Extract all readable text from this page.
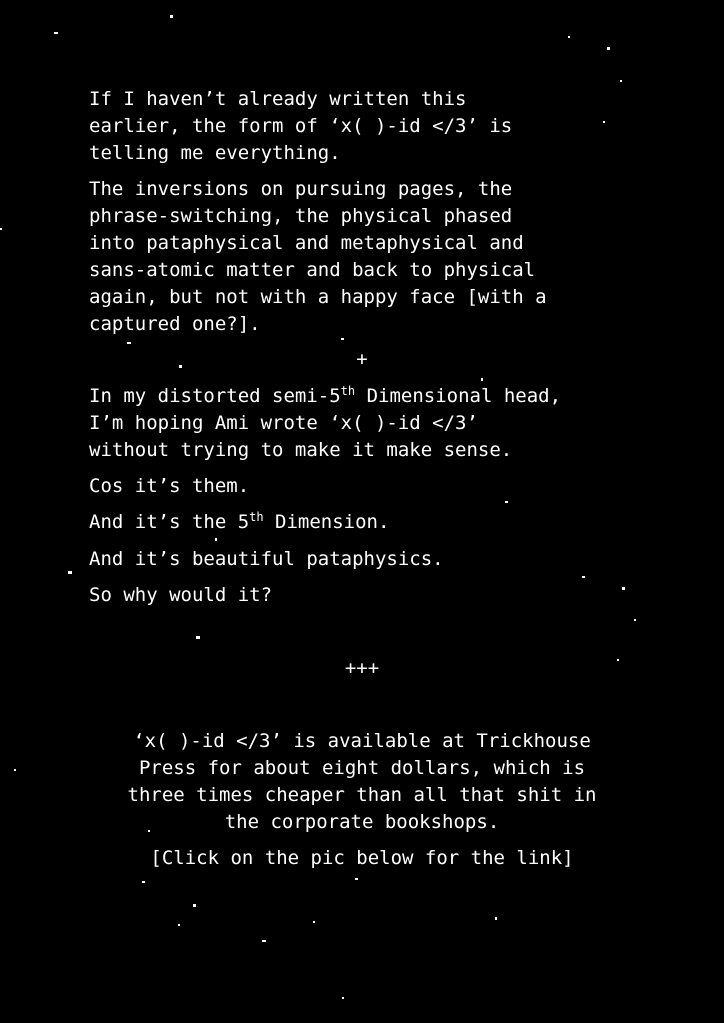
If I haven’t already written this
earlier, the form of ‘x( )-id </3’ is
telling me everything.
The inversions on pursuing pages, the
phrase-switching, the physical phased
into pataphysical and metaphysical and
sans-atomic matter and back to physical
again, but not with a happy face [with a
captured one?].
+
In my distorted semi-5th Dimensional head,
I’m hoping Ami wrote ‘x( )-id </3’
without trying to make it make sense.
Cos it’s them.
And it’s the 5th Dimension.
And it’s beautiful pataphysics.
So why would it?
+++
‘x( )-id </3’ is available at Trickhouse
Press for about eight dollars, which is
three times cheaper than all that shit in
the corporate bookshops.
[Click on the pic below for the link]
